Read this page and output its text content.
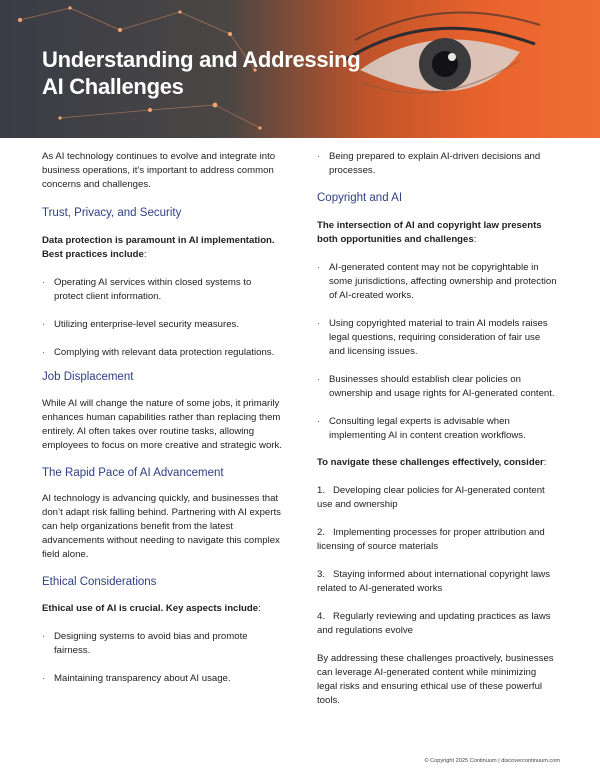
Understanding and Addressing
AI Challenges

As AI technology continues to evolve and integrate into business operations, it’s important to address common concerns and challenges.

Trust, Privacy, and Security

Data protection is paramount in AI implementation. Best practices include:

· Operating AI services within closed systems to protect client information.
· Utilizing enterprise-level security measures.
· Complying with relevant data protection regulations.
Job Displacement

While AI will change the nature of some jobs, it primarily enhances human capabilities rather than replacing them entirely. AI often takes over routine tasks, allowing employees to focus on more creative and strategic work.

The Rapid Pace of AI Advancement

AI technology is advancing quickly, and businesses that don’t adapt risk falling behind. Partnering with AI experts can help organizations benefit from the latest advancements without needing to navigate this complex field alone.

Ethical Considerations

Ethical use of AI is crucial. Key aspects include:

· Designing systems to avoid bias and promote fairness.
· Maintaining transparency about AI usage.
· Being prepared to explain AI-driven decisions and processes.
Copyright and AI

The intersection of AI and copyright law presents both opportunities and challenges:

· AI-generated content may not be copyrightable in some jurisdictions, affecting ownership and protection of AI-created works.
· Using copyrighted material to train AI models raises legal questions, requiring consideration of fair use and licensing issues.
· Businesses should establish clear policies on ownership and usage rights for AI-generated content.
· Consulting legal experts is advisable when implementing AI in content creation workflows.

To navigate these challenges effectively, consider:

1.   Developing clear policies for AI-generated content use and ownership

2.   Implementing processes for proper attribution and licensing of source materials

3.   Staying informed about international copyright laws related to AI-generated works

4.   Regularly reviewing and updating practices as laws and regulations evolve

By addressing these challenges proactively, businesses can leverage AI-generated content while minimizing legal risks and ensuring ethical use of these powerful tools.

© Copyright 2025 Continuum | discovercontinuum.com
